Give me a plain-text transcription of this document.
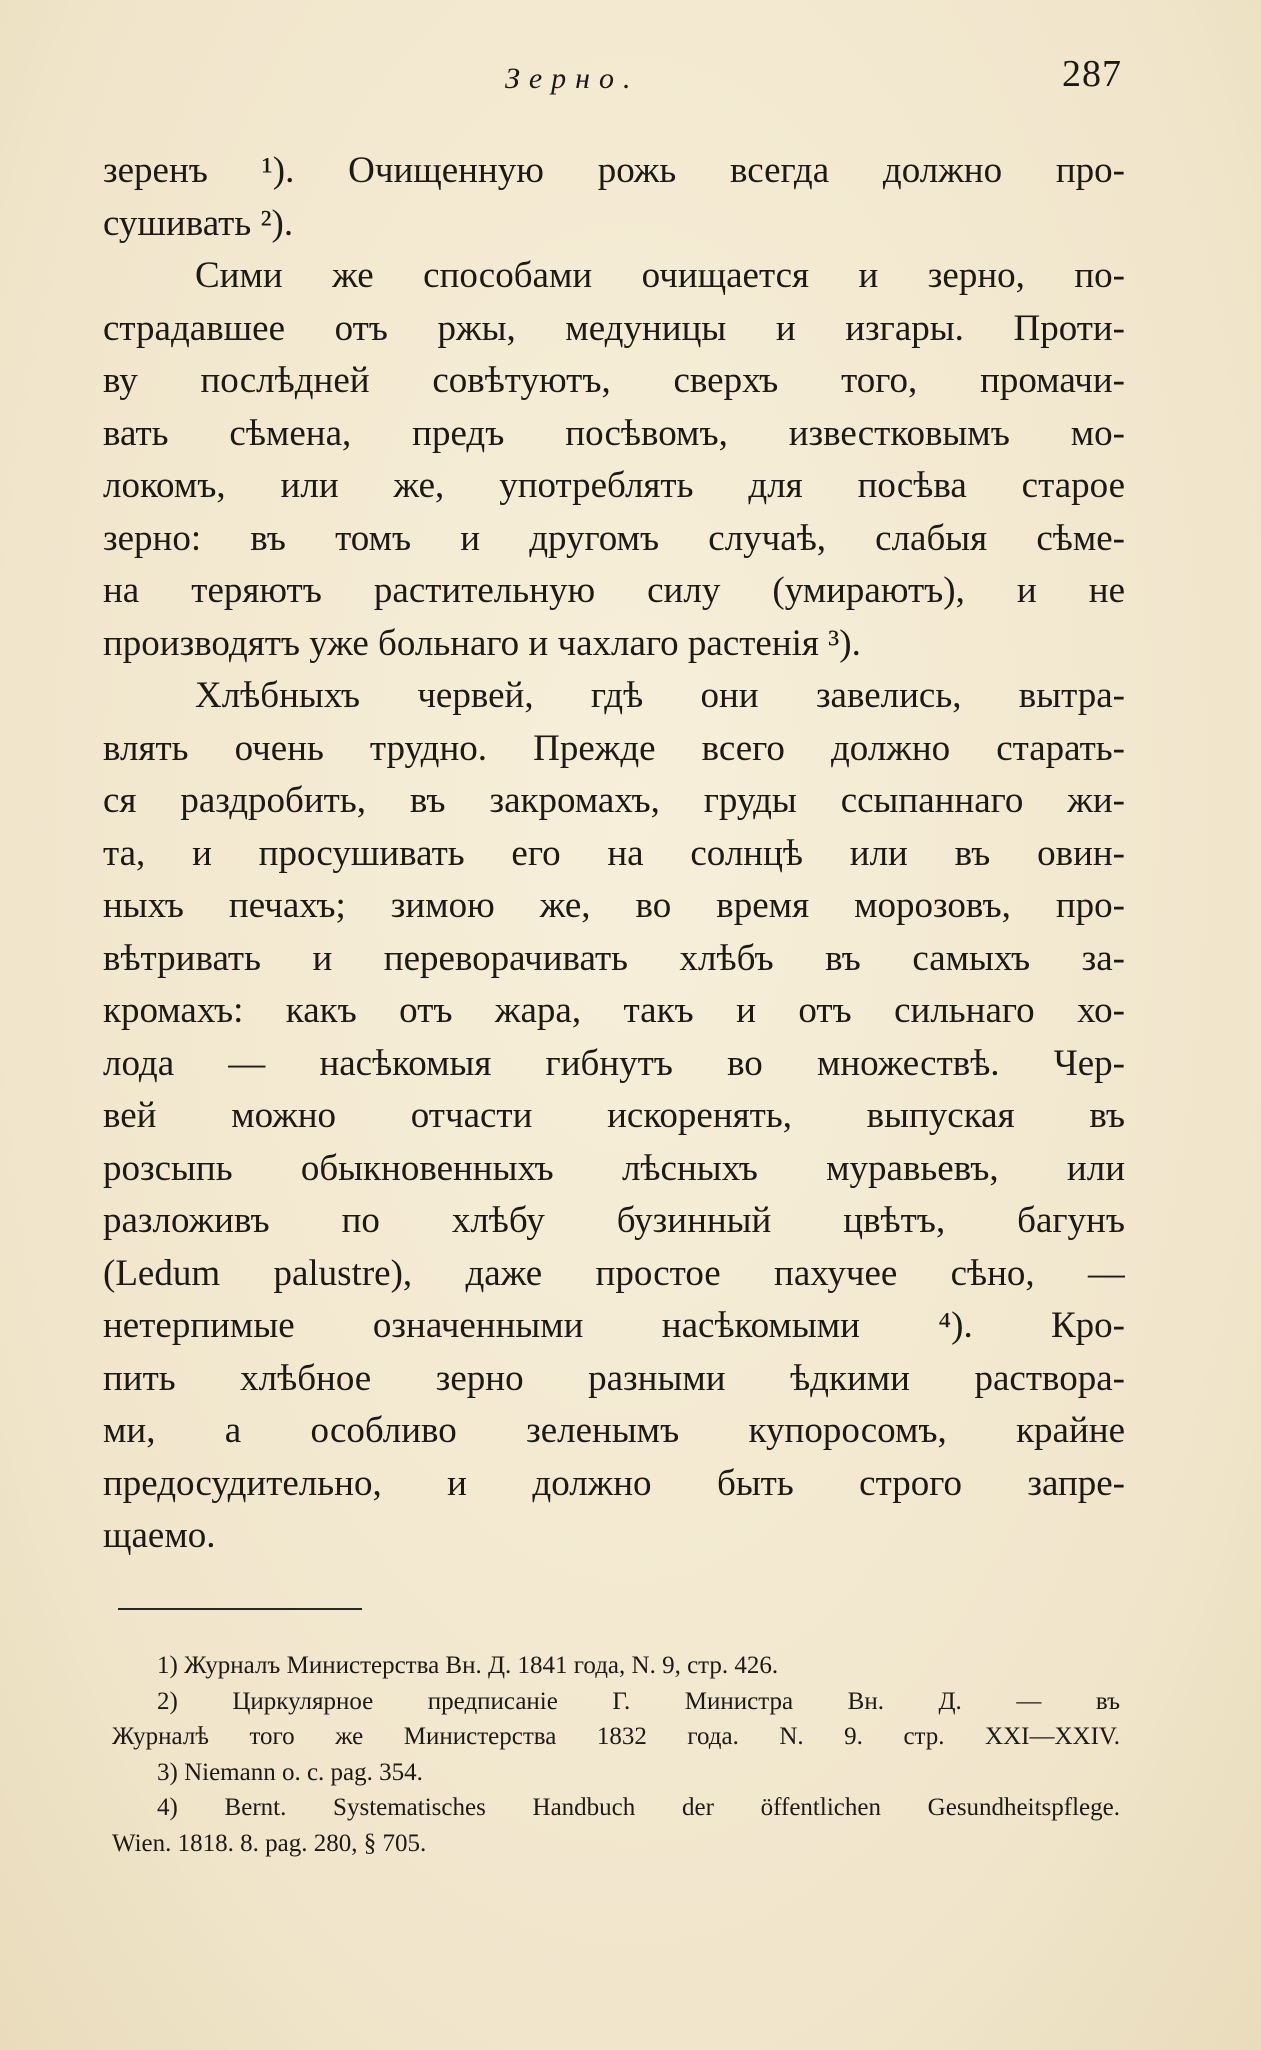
Зерно.	287
зеренъ ¹). Очищенную рожь всегда должно про-
сушивать ²).
Сими же способами очищается и зерно, по-
страдавшее отъ ржы, медуницы и изгары. Проти-
ву послѣдней совѣтуютъ, сверхъ того, промачи-
вать сѣмена, предъ посѣвомъ, известковымъ мо-
локомъ, или же, употреблять для посѣва старое
зерно: въ томъ и другомъ случаѣ, слабыя сѣме-
на теряютъ растительную силу (умираютъ), и не
производятъ уже больнаго и чахлаго растенія ³).
Хлѣбныхъ червей, гдѣ они завелись, вытра-
влять очень трудно. Прежде всего должно старать-
ся раздробить, въ закромахъ, груды ссыпаннаго жи-
та, и просушивать его на солнцѣ или въ овин-
ныхъ печахъ; зимою же, во время морозовъ, про-
вѣтривать и переворачивать хлѣбъ въ самыхъ за-
кромахъ: какъ отъ жара, такъ и отъ сильнаго хо-
лода — насѣкомыя гибнутъ во множествѣ. Чер-
вей можно отчасти искоренять, выпуская въ
розсыпь обыкновенныхъ лѣсныхъ муравьевъ, или
разложивъ по хлѣбу бузинный цвѣтъ, багунъ
(Ledum palustre), даже простое пахучее сѣно, —
нетерпимые означенными насѣкомыми ⁴). Кро-
пить хлѣбное зерно разными ѣдкими раствора-
ми, а особливо зеленымъ купоросомъ, крайне
предосудительно, и должно быть строго запре-
щаемо.
1) Журналъ Министерства Вн. Д. 1841 года, N. 9, стр. 426.
2) Циркулярное предписаніе Г. Министра Вн. Д. — въ
Журналѣ того же Министерства 1832 года. N. 9. стр. XXI—XXIV.
3) Niemann o. c. pag. 354.
4) Bernt. Systematisches Handbuch der öffentlichen Gesundheitspflege.
Wien. 1818. 8. pag. 280, § 705.
